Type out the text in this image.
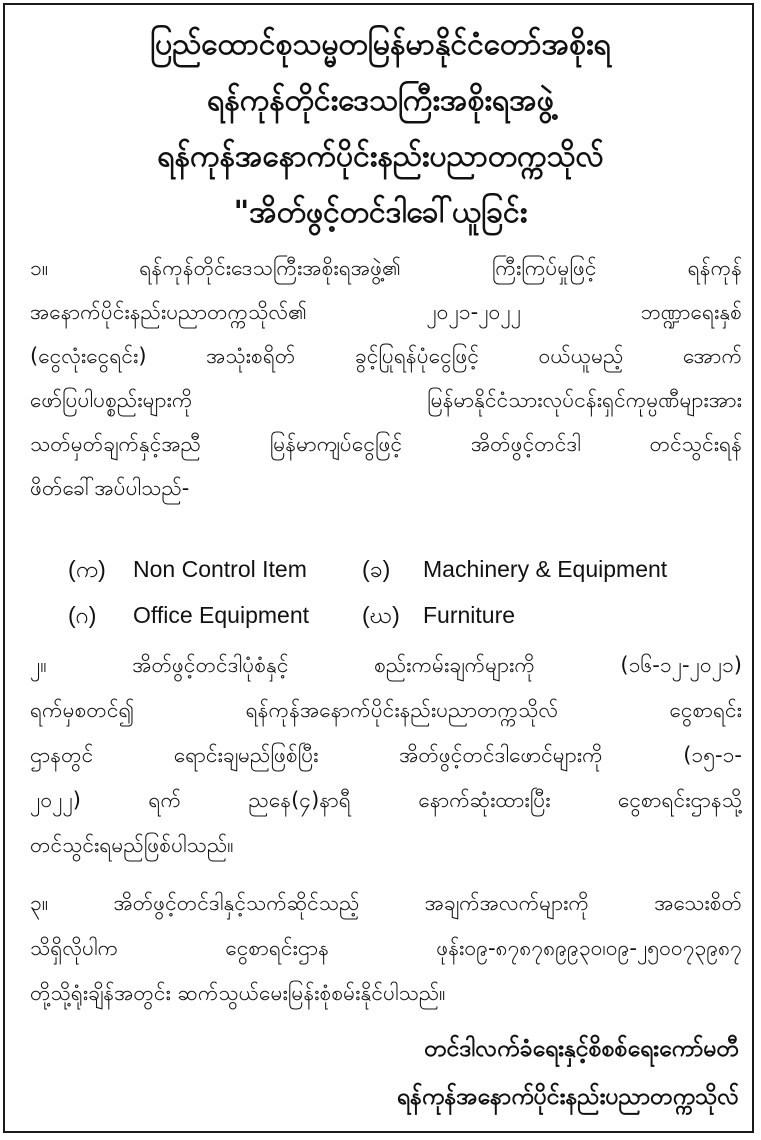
ပြည်ထောင်စုသမ္မတမြန်မာနိုင်ငံတော်အစိုးရ
ရန်ကုန်တိုင်းဒေသကြီးအစိုးရအဖွဲ့
ရန်ကုန်အနောက်ပိုင်းနည်းပညာတက္ကသိုလ်
"အိတ်ဖွင့်တင်ဒါခေါ်ယူခြင်း
၁။ ရန်ကုန်တိုင်းဒေသကြီးအစိုးရအဖွဲ့၏ ကြီးကြပ်မှုဖြင့် ရန်ကုန်
အနောက်ပိုင်းနည်းပညာတက္ကသိုလ်၏ ၂၀၂၁-၂၀၂၂ ဘဏ္ဍာရေးနှစ်
(ငွေလုံးငွေရင်း) အသုံးစရိတ် ခွင့်ပြုရန်ပုံငွေဖြင့် ဝယ်ယူမည့် အောက်
ဖော်ပြပါပစ္စည်းများကို မြန်မာနိုင်ငံသားလုပ်ငန်းရှင်ကုမ္ပဏီများအား
သတ်မှတ်ချက်နှင့်အညီ မြန်မာကျပ်ငွေဖြင့် အိတ်ဖွင့်တင်ဒါ တင်သွင်းရန်
ဖိတ်ခေါ်အပ်ပါသည်-
(က) Non Control Item (ခ) Machinery & Equipment
(ဂ) Office Equipment (ဃ) Furniture
၂။ အိတ်ဖွင့်တင်ဒါပုံစံနှင့် စည်းကမ်းချက်များကို (၁၆-၁၂-၂၀၂၁)
ရက်မှစတင်၍ ရန်ကုန်အနောက်ပိုင်းနည်းပညာတက္ကသိုလ် ငွေစာရင်း
ဌာနတွင် ရောင်းချမည်ဖြစ်ပြီး အိတ်ဖွင့်တင်ဒါဖောင်များကို (၁၅-၁-
၂၀၂၂) ရက် ညနေ(၄)နာရီ နောက်ဆုံးထားပြီး ငွေစာရင်းဌာနသို့
တင်သွင်းရမည်ဖြစ်ပါသည်။
၃။ အိတ်ဖွင့်တင်ဒါနှင့်သက်ဆိုင်သည့် အချက်အလက်များကို အသေးစိတ်
သိရှိလိုပါက ငွေစာရင်းဌာန ဖုန်း၀၉-၈၇၈၇၈၉၉၃၀၊၀၉-၂၅၀၀၇၃၉၈၇
တို့သို့ရုံးချိန်အတွင်း ဆက်သွယ်မေးမြန်းစုံစမ်းနိုင်ပါသည်။
တင်ဒါလက်ခံရေးနှင့်စိစစ်ရေးကော်မတီ
ရန်ကုန်အနောက်ပိုင်းနည်းပညာတက္ကသိုလ်
